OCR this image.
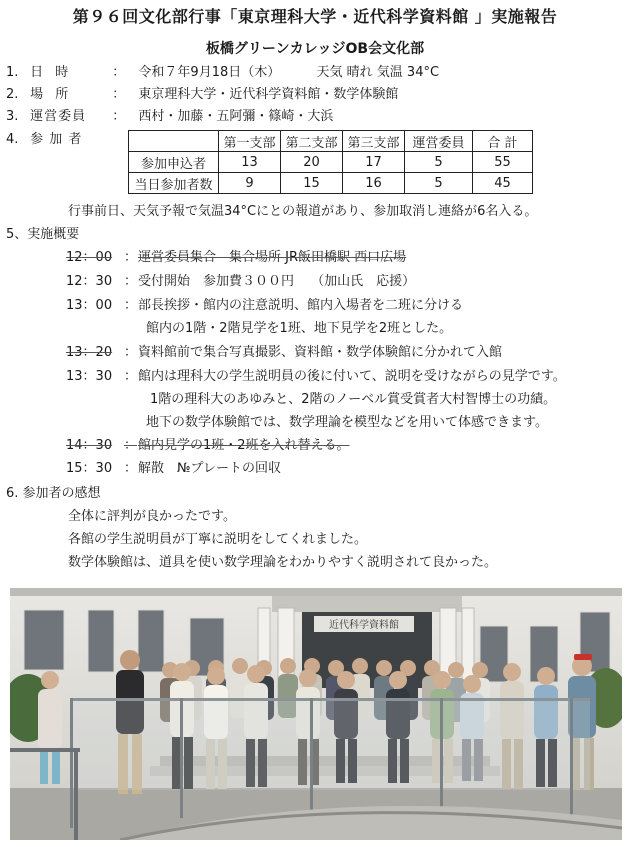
第９６回文化部行事「東京理科大学・近代科学資料館 」実施報告
板橋グリーンカレッジOB会文化部
1. 日 時	： 令和７年9月18日（木）	天気 晴れ 気温 34°C
2. 場 所	： 東京理科大学・近代科学資料館・数学体験館
3. 運営委員 ： 西村・加藤・五阿彌・篠崎・大浜
4. 参 加 者
		第一支部	第二支部	第三支部	運営委員	合 計
参加申込者	13	20	17	5	55
当日参加者数	9	15	16	5	45
行事前日、天気予報で気温34°Cにとの報道があり、参加取消し連絡が6名入る。
5、実施概要
12：00 ：運営委員集合　集合場所 JR飯田橋駅 西口広場
12：30 ：受付開始　参加費３００円　 （加山氏　応援）
13：00 ：部長挨拶・館内の注意説明、館内入場者を二班に分ける
館内の1階・2階見学を1班、地下見学を2班とした。
13：20 ：資料館前で集合写真撮影、資料館・数学体験館に分かれて入館
13：30 ：館内は理科大の学生説明員の後に付いて、説明を受けながらの見学です。
1階の理科大のあゆみと、2階のノーベル賞受賞者大村智博士の功績。
地下の数学体験館では、数学理論を模型などを用いて体感できます。
14：30 ：館内見学の1班・2班を入れ替える。
15：30 ：解散　№プレートの回収
6. 参加者の感想
全体に評判が良かったです。
各館の学生説明員が丁寧に説明をしてくれました。
数学体験館は、道具を使い数学理論をわかりやすく説明されて良かった。
近代科学資料館
